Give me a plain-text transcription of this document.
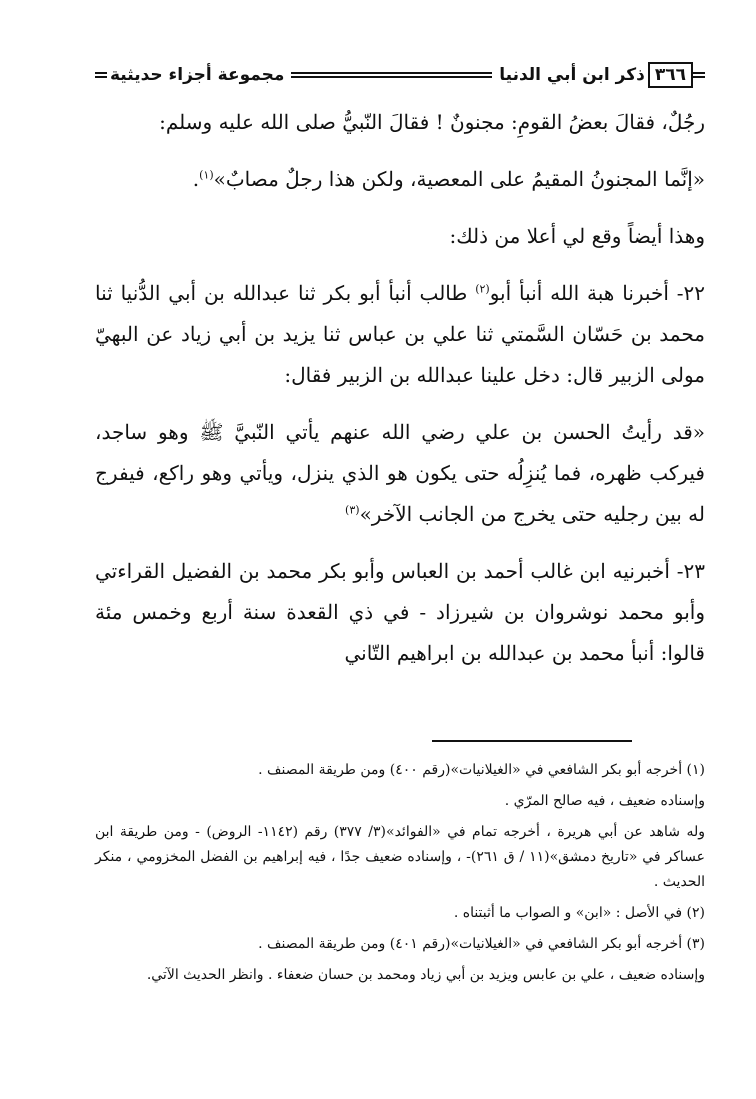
مجموعة أجزاء حديثية	ذكر ابن أبي الدنيا ٣٦٦

رجُلٌ، فقالَ بعضُ القومِ: مجنونٌ ! فقالَ النّبيُّ صلى الله عليه وسلم:

«إنَّما المجنونُ المقيمُ على المعصية، ولكن هذا رجلٌ مصابٌ»$^{(١)}$.

وهذا أيضاً وقع لي أعلا من ذلك:

٢٢- أخبرنا هبة الله أنبأ أبو$^{(٢)}$ طالب أنبأ أبو بكر ثنا عبدالله بن أبي الدُّنيا ثنا محمد بن حَسّان السَّمتي ثنا علي بن عباس ثنا يزيد بن أبي زياد عن البهيّ مولى الزبير قال: دخل علينا عبدالله بن الزبير فقال:

«قد رأيتُ الحسن بن علي رضي الله عنهم يأتي النّبيَّ ﷺ وهو ساجد، فيركب ظهره، فما يُنزِلُه حتى يكون هو الذي ينزل، ويأتي وهو راكع، فيفرج له بين رجليه حتى يخرج من الجانب الآخر»$^{(٣)}$

٢٣- أخبرنيه ابن غالب أحمد بن العباس وأبو بكر محمد بن الفضيل القراءتي وأبو محمد نوشروان بن شيرزاد - في ذي القعدة سنة أربع وخمس مئة قالوا: أنبأ محمد بن عبدالله بن ابراهيم التّاني

(١) أخرجه أبو بكر الشافعي في «الغيلانيات»(رقم ٤٠٠) ومن طريقة المصنف .

وإسناده ضعيف ، فيه صالح المرّي .

وله شاهد عن أبي هريرة ، أخرجه تمام في «الفوائد»(٣/ ٣٧٧) رقم (١١٤٢- الروض) - ومن طريقة ابن عساكر في «تاريخ دمشق»(١١ / ق ٢٦١)- ، وإسناده ضعيف جدًا ، فيه إبراهيم بن الفضل المخزومي ، منكر الحديث .

(٢) في الأصل : «ابن» و الصواب ما أثبتناه .

(٣) أخرجه أبو بكر الشافعي في «الغيلانيات»(رقم ٤٠١) ومن طريقة المصنف .

وإسناده ضعيف ، علي بن عابس ويزيد بن أبي زياد ومحمد بن حسان ضعفاء . وانظر الحديث الآتي.
